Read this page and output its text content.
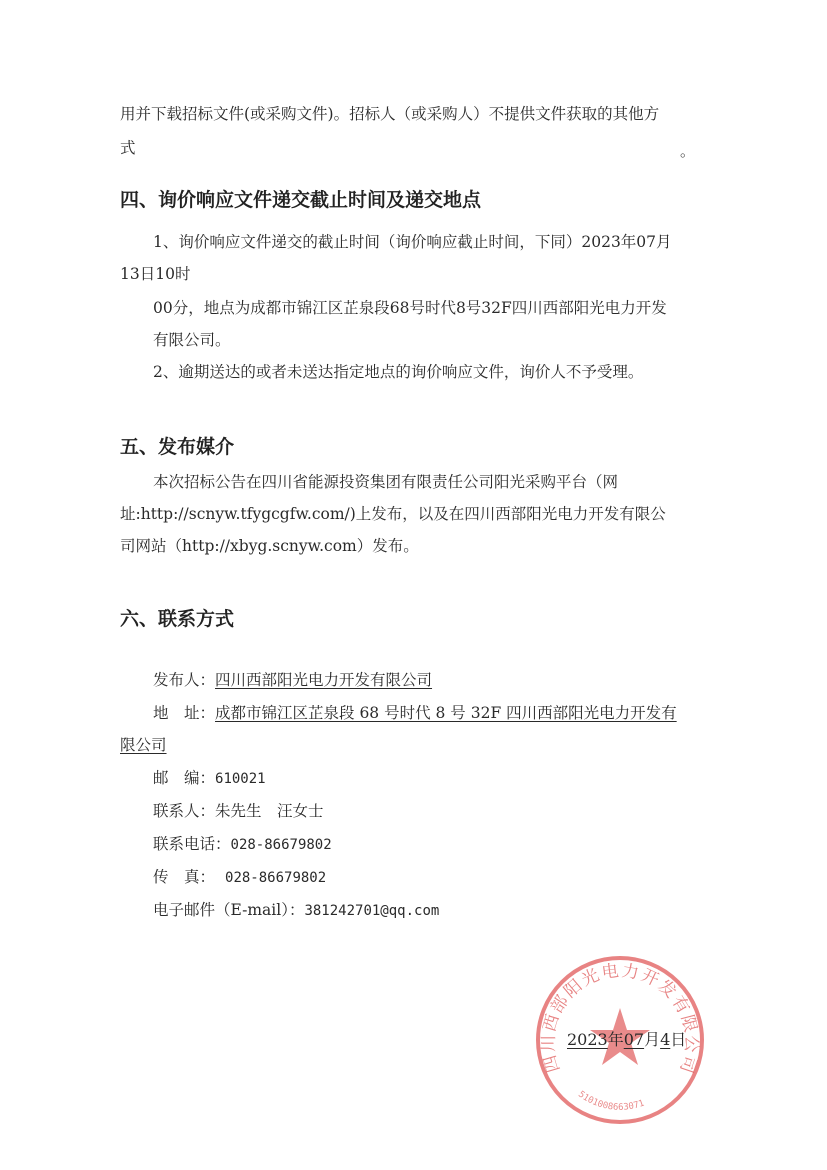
用并下载招标文件(或采购文件)。招标人（或采购人）不提供文件获取的其他方
式	。
四、询价响应文件递交截止时间及递交地点
1、询价响应文件递交的截止时间（询价响应截止时间，下同）2023年07月
13日10时
00分，地点为成都市锦江区芷泉段68号时代8号32F四川西部阳光电力开发
有限公司。
2、逾期送达的或者未送达指定地点的询价响应文件，询价人不予受理。
五、发布媒介
本次招标公告在四川省能源投资集团有限责任公司阳光采购平台（网
址:http://scnyw.tfygcgfw.com/)上发布，以及在四川西部阳光电力开发有限公
司网站（http://xbyg.scnyw.com）发布。
六、联系方式
发布人：四川西部阳光电力开发有限公司
地　址：成都市锦江区芷泉段 68 号时代 8 号 32F 四川西部阳光电力开发有
限公司
邮　编：610021
联系人：朱先生　汪女士
联系电话：028-86679802
传　真： 028-86679802
电子邮件（E-mail）：381242701@qq.com
四川西部阳光电力开发有限公司
5101008663071
2023年07月4日
